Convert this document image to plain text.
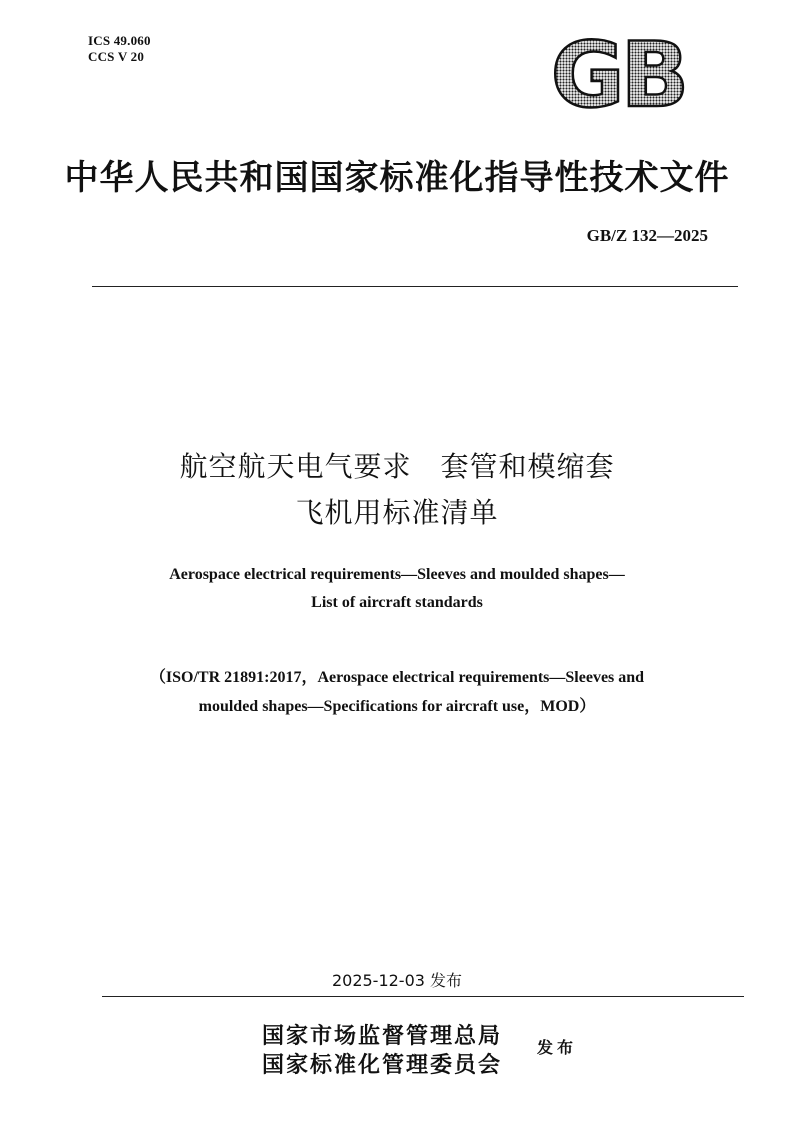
ICS 49.060
CCS V 20	GB
中华人民共和国国家标准化指导性技术文件
GB/Z 132—2025
航空航天电气要求　套管和模缩套
飞机用标准清单
Aerospace electrical requirements—Sleeves and moulded shapes—
List of aircraft standards
（ISO/TR 21891:2017，Aerospace electrical requirements—Sleeves and
moulded shapes—Specifications for aircraft use，MOD）
2025-12-03 发布
国家市场监督管理总局
国家标准化管理委员会
发布
